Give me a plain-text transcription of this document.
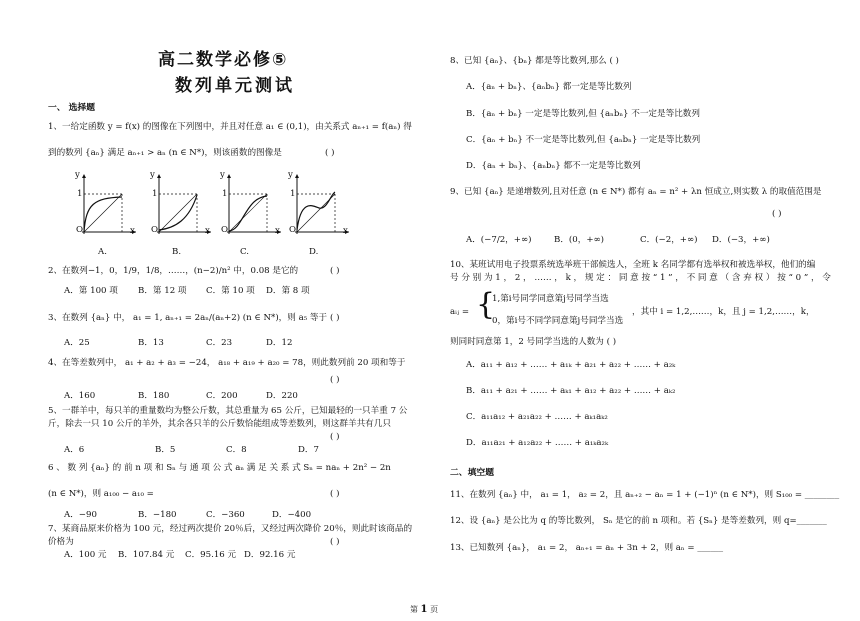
高二数学必修⑤
数列单元测试
一、 选择题
1、一给定函数 y = f(x) 的图像在下列图中，并且对任意 a₁ ∈ (0,1)，由关系式 aₙ₊₁ = f(aₙ) 得
到的数列 {aₙ} 满足 aₙ₊₁ > aₙ (n ∈ N*)，则该函数的图像是	( )
y
x
O
1
y
x
O
1
y
x
O
1
y
x
O
1
A.	B.	C.	D.
2、在数列−1，0，1/9，1/8，……，(n−2)/n² 中，0.08 是它的	( )
A．第 100 项 B．第 12 项 C．第 10 项 D．第 8 项
3、在数列 {aₙ} 中， a₁ = 1, aₙ₊₁ = 2aₙ/(aₙ+2) (n ∈ N*)，则 a₅ 等于 ( )
A．25	B．13	C．23	D．12
4、在等差数列中， a₁ + a₂ + a₃ = −24， a₁₈ + a₁₉ + a₂₀ = 78，则此数列前 20 项和等于
( )
A．160	B．180	C．200	D．220
5、一群羊中，每只羊的重量数均为整公斤数，其总重量为 65 公斤，已知最轻的一只羊重 7 公
斤，除去一只 10 公斤的羊外，其余各只羊的公斤数恰能组成等差数列，则这群羊共有几只
( )
A．6	B．5	C．8	D．7
6 、 数 列 {aₙ} 的 前 n 项 和 Sₙ 与 通 项 公 式 aₙ 满 足 关 系 式 Sₙ = naₙ + 2n² − 2n
(n ∈ N*)，则 a₁₀₀ − a₁₀ =	( )
A．−90	B．−180	C．−360	D．−400
7、某商品原来价格为 100 元，经过两次提价 20％后，又经过两次降价 20％，则此时该商品的
价格为	( )
A．100 元 B．107.84 元 C．95.16 元 D．92.16 元
8、已知 {aₙ}、{bₙ} 都是等比数列,那么 ( )
A．{aₙ + bₙ}、{aₙbₙ} 都一定是等比数列
B．{aₙ + bₙ} 一定是等比数列,但 {aₙbₙ} 不一定是等比数列
C．{aₙ + bₙ} 不一定是等比数列,但 {aₙbₙ} 一定是等比数列
D．{aₙ + bₙ}、{aₙbₙ} 都不一定是等比数列
9、已知 {aₙ} 是递增数列,且对任意 (n ∈ N*) 都有 aₙ = n² + λn 恒成立,则实数 λ 的取值范围是
( )
A．(−7/2，+∞)	B．(0，+∞)	C．(−2，+∞) D．(−3，+∞)
10、某班试用电子投票系统选举班干部候选人，全班 k 名同学都有选举权和被选举权，他们的编
号 分 别 为 1 ， 2 ， …… ， k ， 规 定 ： 同 意 按 “ 1 ” ， 不 同 意 （ 含 弃 权 ） 按 “ 0 ” ， 令
aᵢⱼ = {
1,第i号同学同意第j号同学当选
0，第i号不同学同意第j号同学当选
，其中 i = 1,2,……，k，且 j = 1,2,……，k，
则同时同意第 1，2 号同学当选的人数为 ( )
A．a₁₁ + a₁₂ + …… + a₁ₖ + a₂₁ + a₂₂ + …… + a₂ₖ
B．a₁₁ + a₂₁ + …… + aₖ₁ + a₁₂ + a₂₂ + …… + aₖ₂
C．a₁₁a₁₂ + a₂₁a₂₂ + …… + aₖ₁aₖ₂
D．a₁₁a₂₁ + a₁₂a₂₂ + …… + a₁ₖa₂ₖ
二、填空题
11、在数列 {aₙ} 中， a₁ = 1， a₂ = 2，且 aₙ₊₂ − aₙ = 1 + (−1)ⁿ (n ∈ N*)，则 S₁₀₀ = ________
12、设 {aₙ} 是公比为 q 的等比数列， Sₙ 是它的前 n 项和。若 {Sₙ} 是等差数列，则 q=_______
13、已知数列 {aₙ}， a₁ = 2， aₙ₊₁ = aₙ + 3n + 2，则 aₙ = ______
第 1 页
